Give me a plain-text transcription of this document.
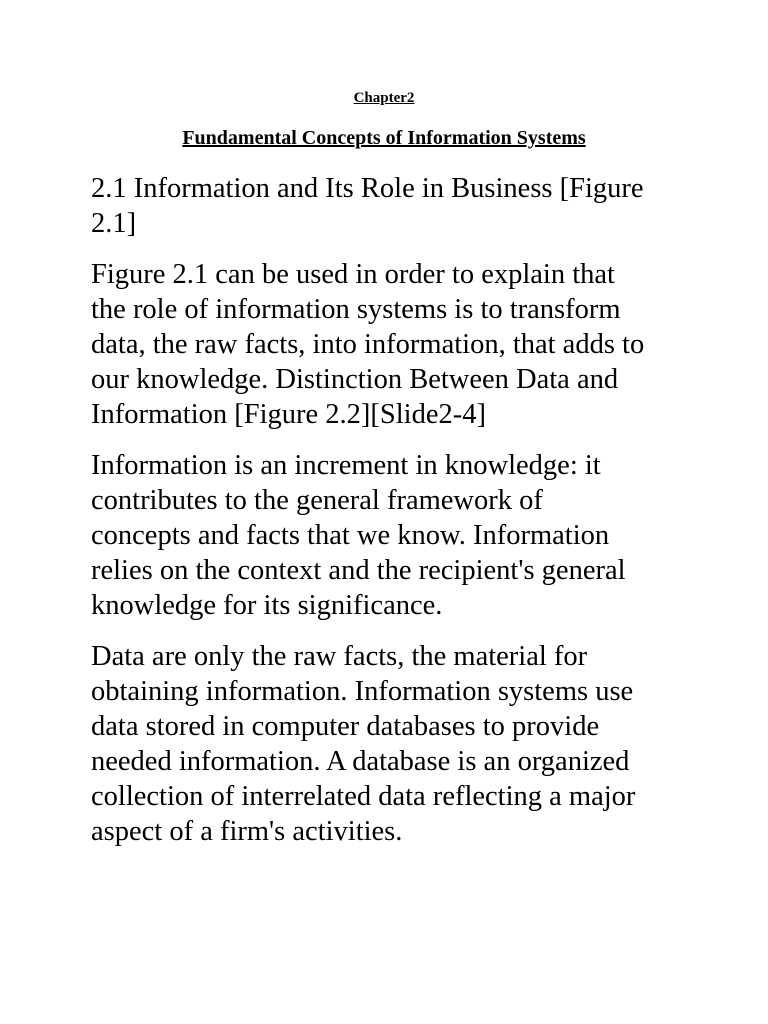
Chapter2
Fundamental Concepts of Information Systems

2.1 Information and Its Role in Business [Figure
2.1]

Figure 2.1 can be used in order to explain that
the role of information systems is to transform
data, the raw facts, into information, that adds to
our knowledge. Distinction Between Data and
Information [Figure 2.2][Slide2-4]

Information is an increment in knowledge: it
contributes to the general framework of
concepts and facts that we know. Information
relies on the context and the recipient's general
knowledge for its significance.

Data are only the raw facts, the material for
obtaining information. Information systems use
data stored in computer databases to provide
needed information. A database is an organized
collection of interrelated data reflecting a major
aspect of a firm's activities.
